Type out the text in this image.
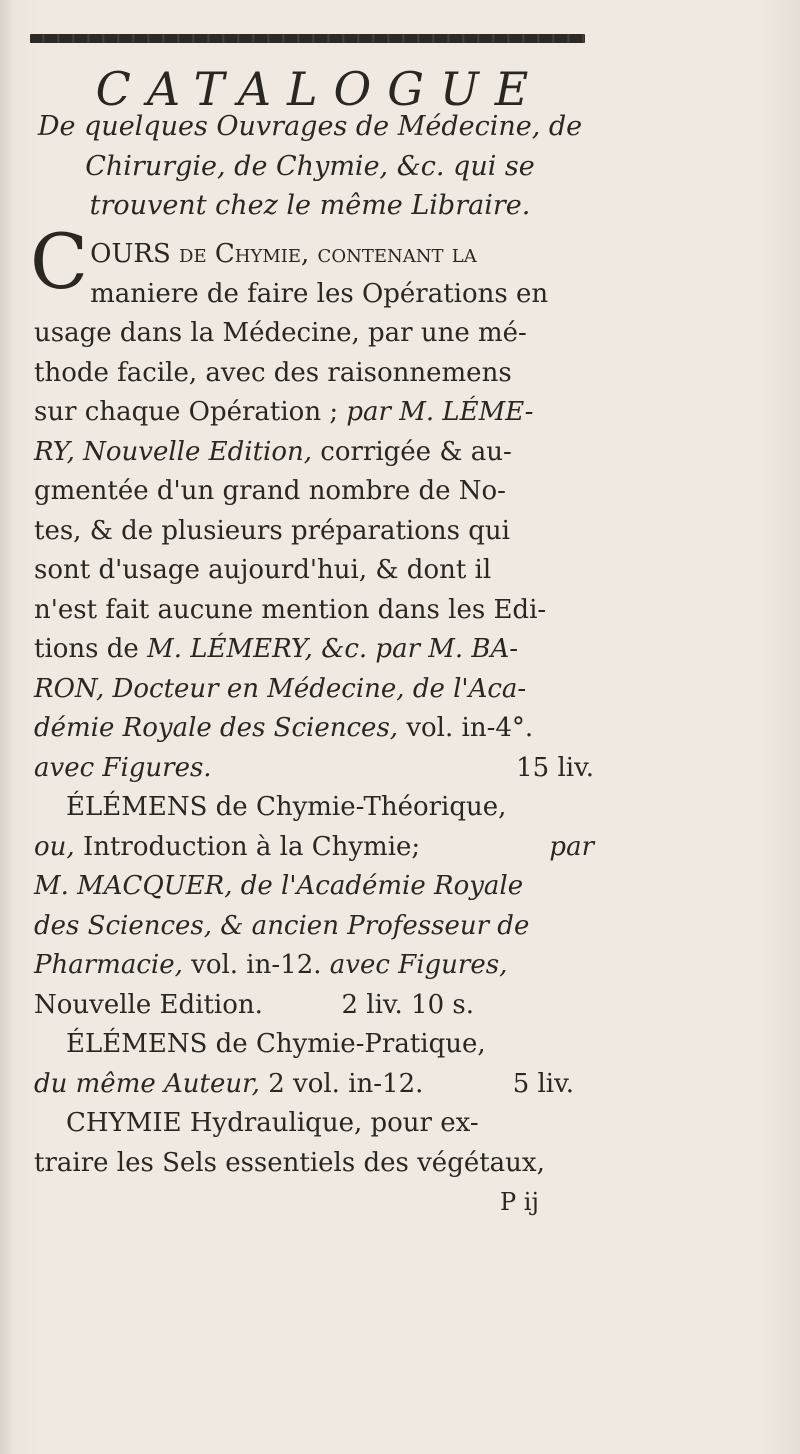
CATALOGUE
De quelques Ouvrages de Médecine, de
Chirurgie, de Chymie, &c. qui se
trouvent chez le même Libraire.
C OURS de Chymie, contenant la
maniere de faire les Opérations en
usage dans la Médecine, par une mé-
thode facile, avec des raisonnemens
sur chaque Opération ; par M. LÉME-
RY, Nouvelle Edition, corrigée & au-
gmentée d'un grand nombre de No-
tes, & de plusieurs préparations qui
sont d'usage aujourd'hui, & dont il
n'est fait aucune mention dans les Edi-
tions de M. LÉMERY, &c. par M. BA-
RON, Docteur en Médecine, de l'Aca-
démie Royale des Sciences, vol. in-4°.
avec Figures.	15 liv.
ÉLÉMENS de Chymie-Théorique,
ou, Introduction à la Chymie;	par
M. MACQUER, de l'Académie Royale
des Sciences, & ancien Professeur de
Pharmacie, vol. in-12. avec Figures,
Nouvelle Edition.	2 liv. 10 s.
ÉLÉMENS de Chymie-Pratique,
du même Auteur, 2 vol. in-12.	5 liv.
CHYMIE Hydraulique, pour ex-
traire les Sels essentiels des végétaux,
P ij
